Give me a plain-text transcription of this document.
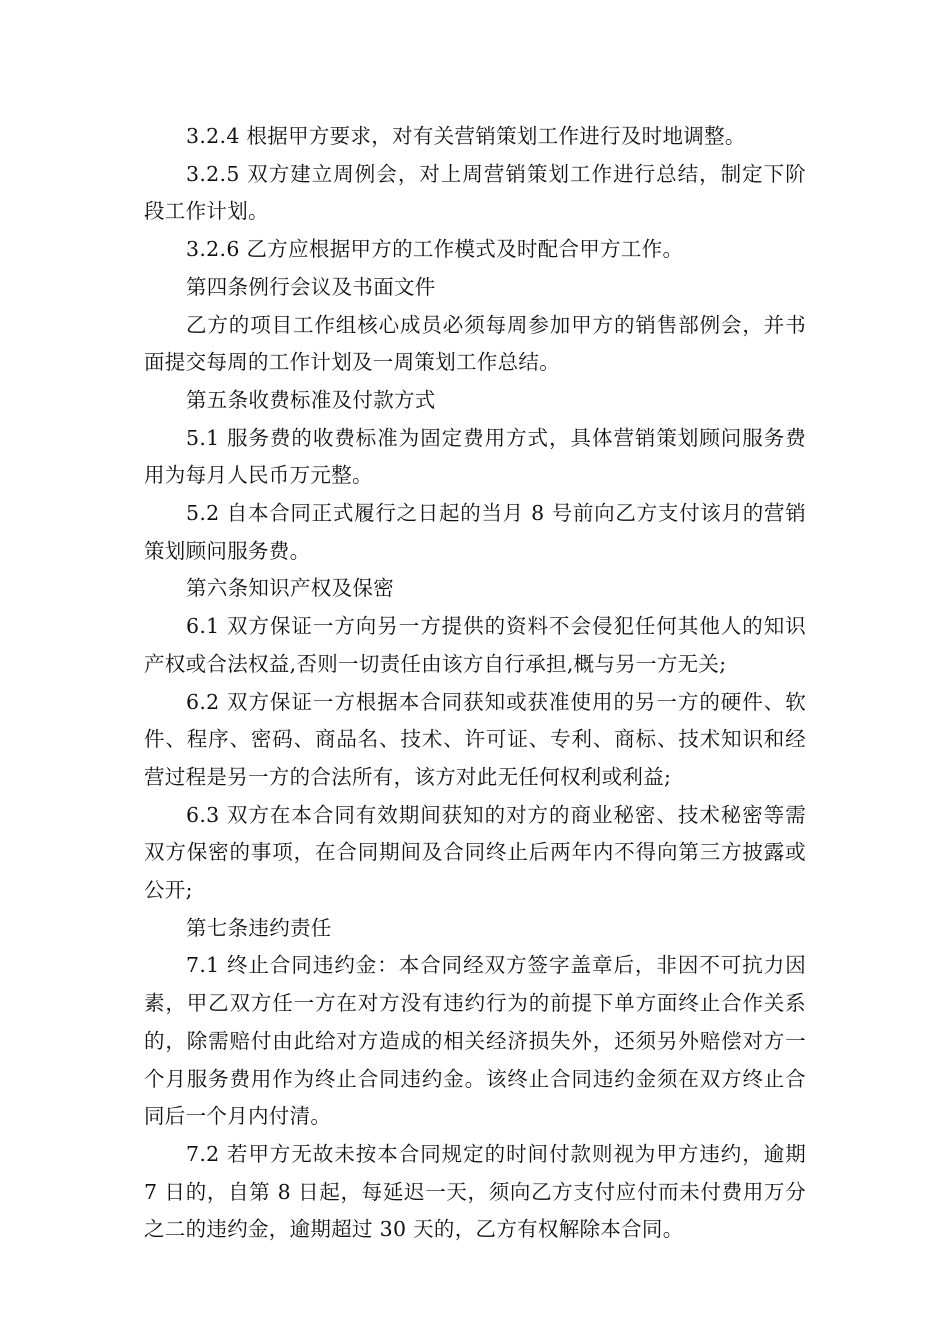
3.2.4 根据甲方要求，对有关营销策划工作进行及时地调整。

3.2.5 双方建立周例会，对上周营销策划工作进行总结，制定下阶段工作计划。

3.2.6 乙方应根据甲方的工作模式及时配合甲方工作。

第四条例行会议及书面文件

乙方的项目工作组核心成员必须每周参加甲方的销售部例会，并书面提交每周的工作计划及一周策划工作总结。

第五条收费标准及付款方式

5.1 服务费的收费标准为固定费用方式，具体营销策划顾问服务费用为每月人民币万元整。

5.2 自本合同正式履行之日起的当月 8 号前向乙方支付该月的营销策划顾问服务费。

第六条知识产权及保密

6.1 双方保证一方向另一方提供的资料不会侵犯任何其他人的知识产权或合法权益,否则一切责任由该方自行承担,概与另一方无关;

6.2 双方保证一方根据本合同获知或获准使用的另一方的硬件、软件、程序、密码、商品名、技术、许可证、专利、商标、技术知识和经营过程是另一方的合法所有，该方对此无任何权利或利益;

6.3 双方在本合同有效期间获知的对方的商业秘密、技术秘密等需双方保密的事项，在合同期间及合同终止后两年内不得向第三方披露或公开;

第七条违约责任

7.1 终止合同违约金：本合同经双方签字盖章后，非因不可抗力因素，甲乙双方任一方在对方没有违约行为的前提下单方面终止合作关系的，除需赔付由此给对方造成的相关经济损失外，还须另外赔偿对方一个月服务费用作为终止合同违约金。该终止合同违约金须在双方终止合同后一个月内付清。

7.2 若甲方无故未按本合同规定的时间付款则视为甲方违约，逾期 7 日的，自第 8 日起，每延迟一天，须向乙方支付应付而未付费用万分之二的违约金，逾期超过 30 天的，乙方有权解除本合同。
